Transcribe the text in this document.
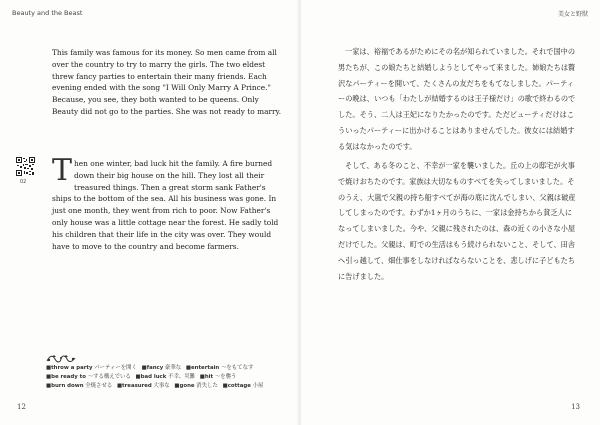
Beauty and the Beast

This family was famous for its money. So men came from all over the country to try to marry the girls. The two eldest threw fancy parties to entertain their many friends. Each evening ended with the song "I Will Only Marry A Prince." Because, you see, they both wanted to be queens. Only Beauty did not go to the parties. She was not ready to marry.

02 Then one winter, bad luck hit the family. A fire burned down their big house on the hill. They lost all their treasured things. Then a great storm sank Father's ships to the bottom of the sea. All his business was gone. In just one month, they went from rich to poor. Now Father's only house was a little cottage near the forest. He sadly told his children that their life in the city was over. They would have to move to the country and become farmers.

■throw a party パーティーを開く ■fancy 豪華な ■entertain 〜をもてなす ■be ready to 〜する構えでいる ■bad luck 不幸、災難 ■hit 〜を襲う ■burn down 全焼させる ■treasured 大事な ■gone 消失した ■cottage 小屋
12
美女と野獣
13

一家は、裕福であるがためにその名が知られていました。それで国中の男たちが、この娘たちと結婚しようとしてやって来ました。姉娘たちは贅沢なパーティーを開いて、たくさんの友だちをもてなしました。パーティーの晩は、いつも「わたしが結婚するのは王子様だけ」の歌で終わるのでした。そう、二人は王妃になりたかったのです。ただビューティだけはこういったパーティーに出かけることはありませんでした。彼女には結婚する気はなかったのです。

そして、ある冬のこと、不幸が一家を襲いました。丘の上の邸宅が火事で焼けおちたのです。家族は大切なものすべてを失ってしまいました。そのうえ、大嵐で父親の持ち船すべてが海の底に沈んでしまい、父親は破産してしまったのです。わずか1ヶ月のうちに、一家は金持ちから貧乏人になってしまいました。今や、父親に残されたのは、森の近くの小さな小屋だけでした。父親は、町での生活はもう続けられないこと、そして、田舎へ引っ越して、畑仕事をしなければならないことを、悲しげに子どもたちに告げました。
